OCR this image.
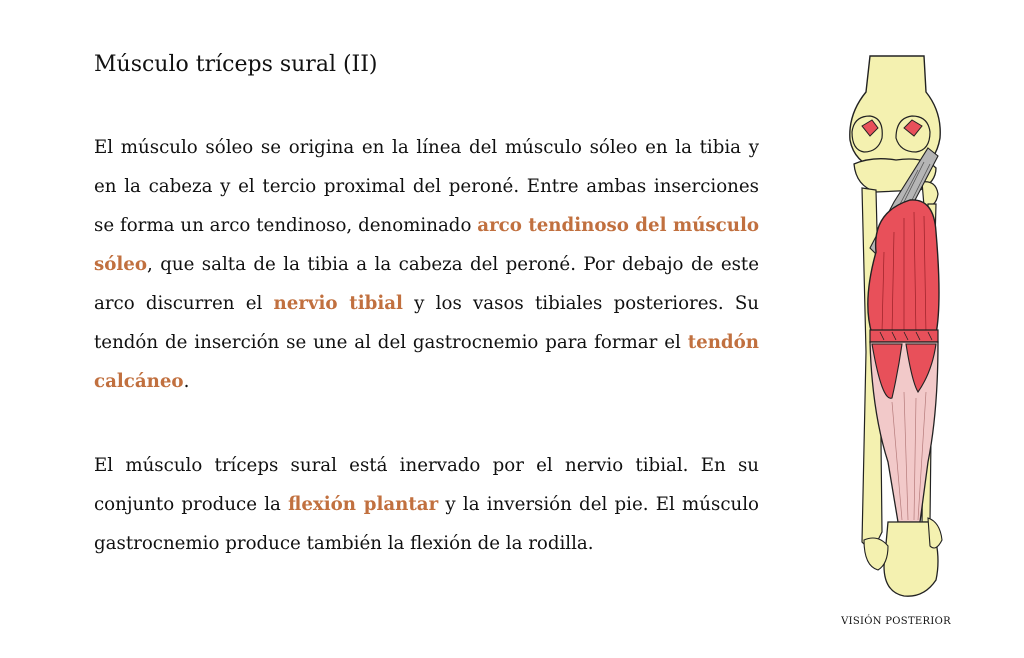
Músculo tríceps sural (II)

El músculo sóleo se origina en la línea del músculo sóleo en la tibia y en la cabeza y el tercio proximal del peroné. Entre ambas inserciones se forma un arco tendinoso, denominado arco tendinoso del músculo sóleo, que salta de la tibia a la cabeza del peroné. Por debajo de este arco discurren el nervio tibial y los vasos tibiales posteriores. Su tendón de inserción se une al del gastrocnemio para formar el tendón calcáneo.

El músculo tríceps sural está inervado por el nervio tibial. En su conjunto produce la flexión plantar y la inversión del pie. El músculo gastrocnemio produce también la flexión de la rodilla.

VISIÓN POSTERIOR
